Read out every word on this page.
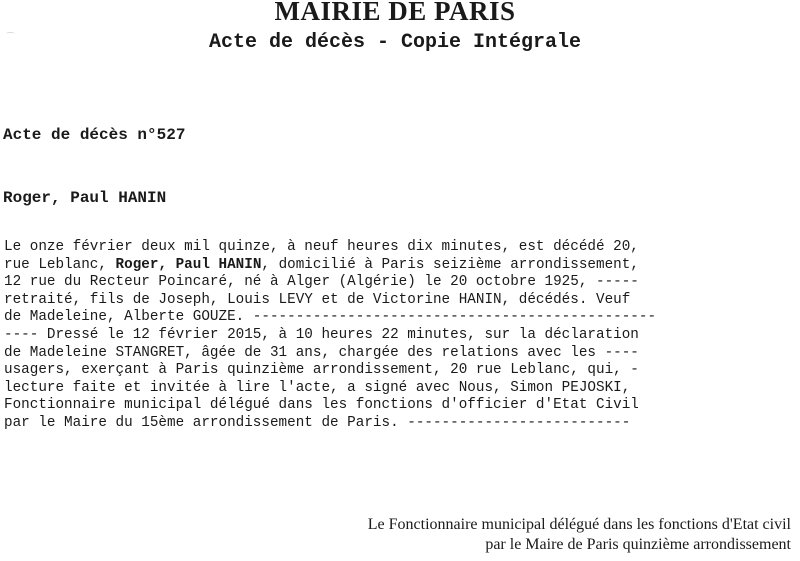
MAIRIE DE PARIS
Acte de décès - Copie Intégrale
⌒
Acte de décès n°527
Roger, Paul HANIN
Le onze février deux mil quinze, à neuf heures dix minutes, est décédé 20,
rue Leblanc, Roger, Paul HANIN, domicilié à Paris seizième arrondissement,
12 rue du Recteur Poincaré, né à Alger (Algérie) le 20 octobre 1925, -----
retraité, fils de Joseph, Louis LEVY et de Victorine HANIN, décédés. Veuf
de Madeleine, Alberte GOUZE. -----------------------------------------------
---- Dressé le 12 février 2015, à 10 heures 22 minutes, sur la déclaration
de Madeleine STANGRET, âgée de 31 ans, chargée des relations avec les ----
usagers, exerçant à Paris quinzième arrondissement, 20 rue Leblanc, qui, -
lecture faite et invitée à lire l'acte, a signé avec Nous, Simon PEJOSKI,
Fonctionnaire municipal délégué dans les fonctions d'officier d'Etat Civil
par le Maire du 15ème arrondissement de Paris. --------------------------
Le Fonctionnaire municipal délégué dans les fonctions d'Etat civil
par le Maire de Paris quinzième arrondissement
